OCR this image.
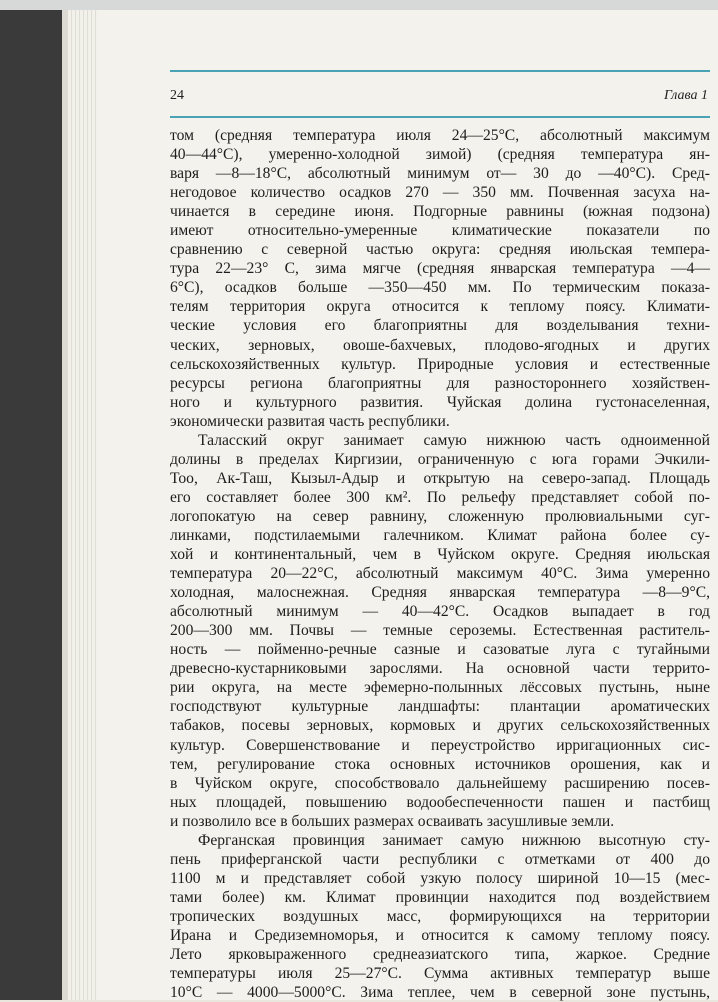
24	Глава 1
том (средняя температура июля 24—25°С, абсолютный максимум
40—44°С), умеренно-холодной зимой) (средняя температура ян-
варя —8—18°С, абсолютный минимум от— 30 до —40°С). Сред-
негодовое количество осадков 270 — 350 мм. Почвенная засуха на-
чинается в середине июня. Подгорные равнины (южная подзона)
имеют относительно-умеренные климатические показатели по
сравнению с северной частью округа: средняя июльская темпера-
тура 22—23° С, зима мягче (средняя январская температура —4—
6°С), осадков больше —350—450 мм. По термическим показа-
телям территория округа относится к теплому поясу. Климати-
ческие условия его благоприятны для возделывания техни-
ческих, зерновых, овоше-бахчевых, плодово-ягодных и других
сельскохозяйственных культур. Природные условия и естественные
ресурсы региона благоприятны для разностороннего хозяйствен-
ного и культурного развития. Чуйская долина густонаселенная,
экономически развитая часть республики.
Таласский округ занимает самую нижнюю часть одноименной
долины в пределах Киргизии, ограниченную с юга горами Эчкили-
Тоо, Ак-Таш, Кызыл-Адыр и открытую на северо-запад. Площадь
его составляет более 300 км². По рельефу представляет собой по-
логопокатую на север равнину, сложенную пролювиальными суг-
линками, подстилаемыми галечником. Климат района более су-
хой и континентальный, чем в Чуйском округе. Средняя июльская
температура 20—22°С, абсолютный максимум 40°С. Зима умеренно
холодная, малоснежная. Средняя январская температура —8—9°С,
абсолютный минимум — 40—42°С. Осадков выпадает в год
200—300 мм. Почвы — темные сероземы. Естественная раститель-
ность — пойменно-речные сазные и сазоватые луга с тугайными
древесно-кустарниковыми зарослями. На основной части террито-
рии округа, на месте эфемерно-полынных лёссовых пустынь, ныне
господствуют культурные ландшафты: плантации ароматических
табаков, посевы зерновых, кормовых и других сельскохозяйственных
культур. Совершенствование и переустройство ирригационных сис-
тем, регулирование стока основных источников орошения, как и
в Чуйском округе, способствовало дальнейшему расширению посев-
ных площадей, повышению водообеспеченности пашен и пастбищ
и позволило все в больших размерах осваивать засушливые земли.
Ферганская провинция занимает самую нижнюю высотную сту-
пень приферганской части республики с отметками от 400 до
1100 м и представляет собой узкую полосу шириной 10—15 (мес-
тами более) км. Климат провинции находится под воздействием
тропических воздушных масс, формирующихся на территории
Ирана и Средиземноморья, и относится к самому теплому поясу.
Лето ярковыраженного среднеазиатского типа, жаркое. Средние
температуры июля 25—27°С. Сумма активных температур выше
10°С — 4000—5000°С. Зима теплее, чем в северной зоне пустынь,
